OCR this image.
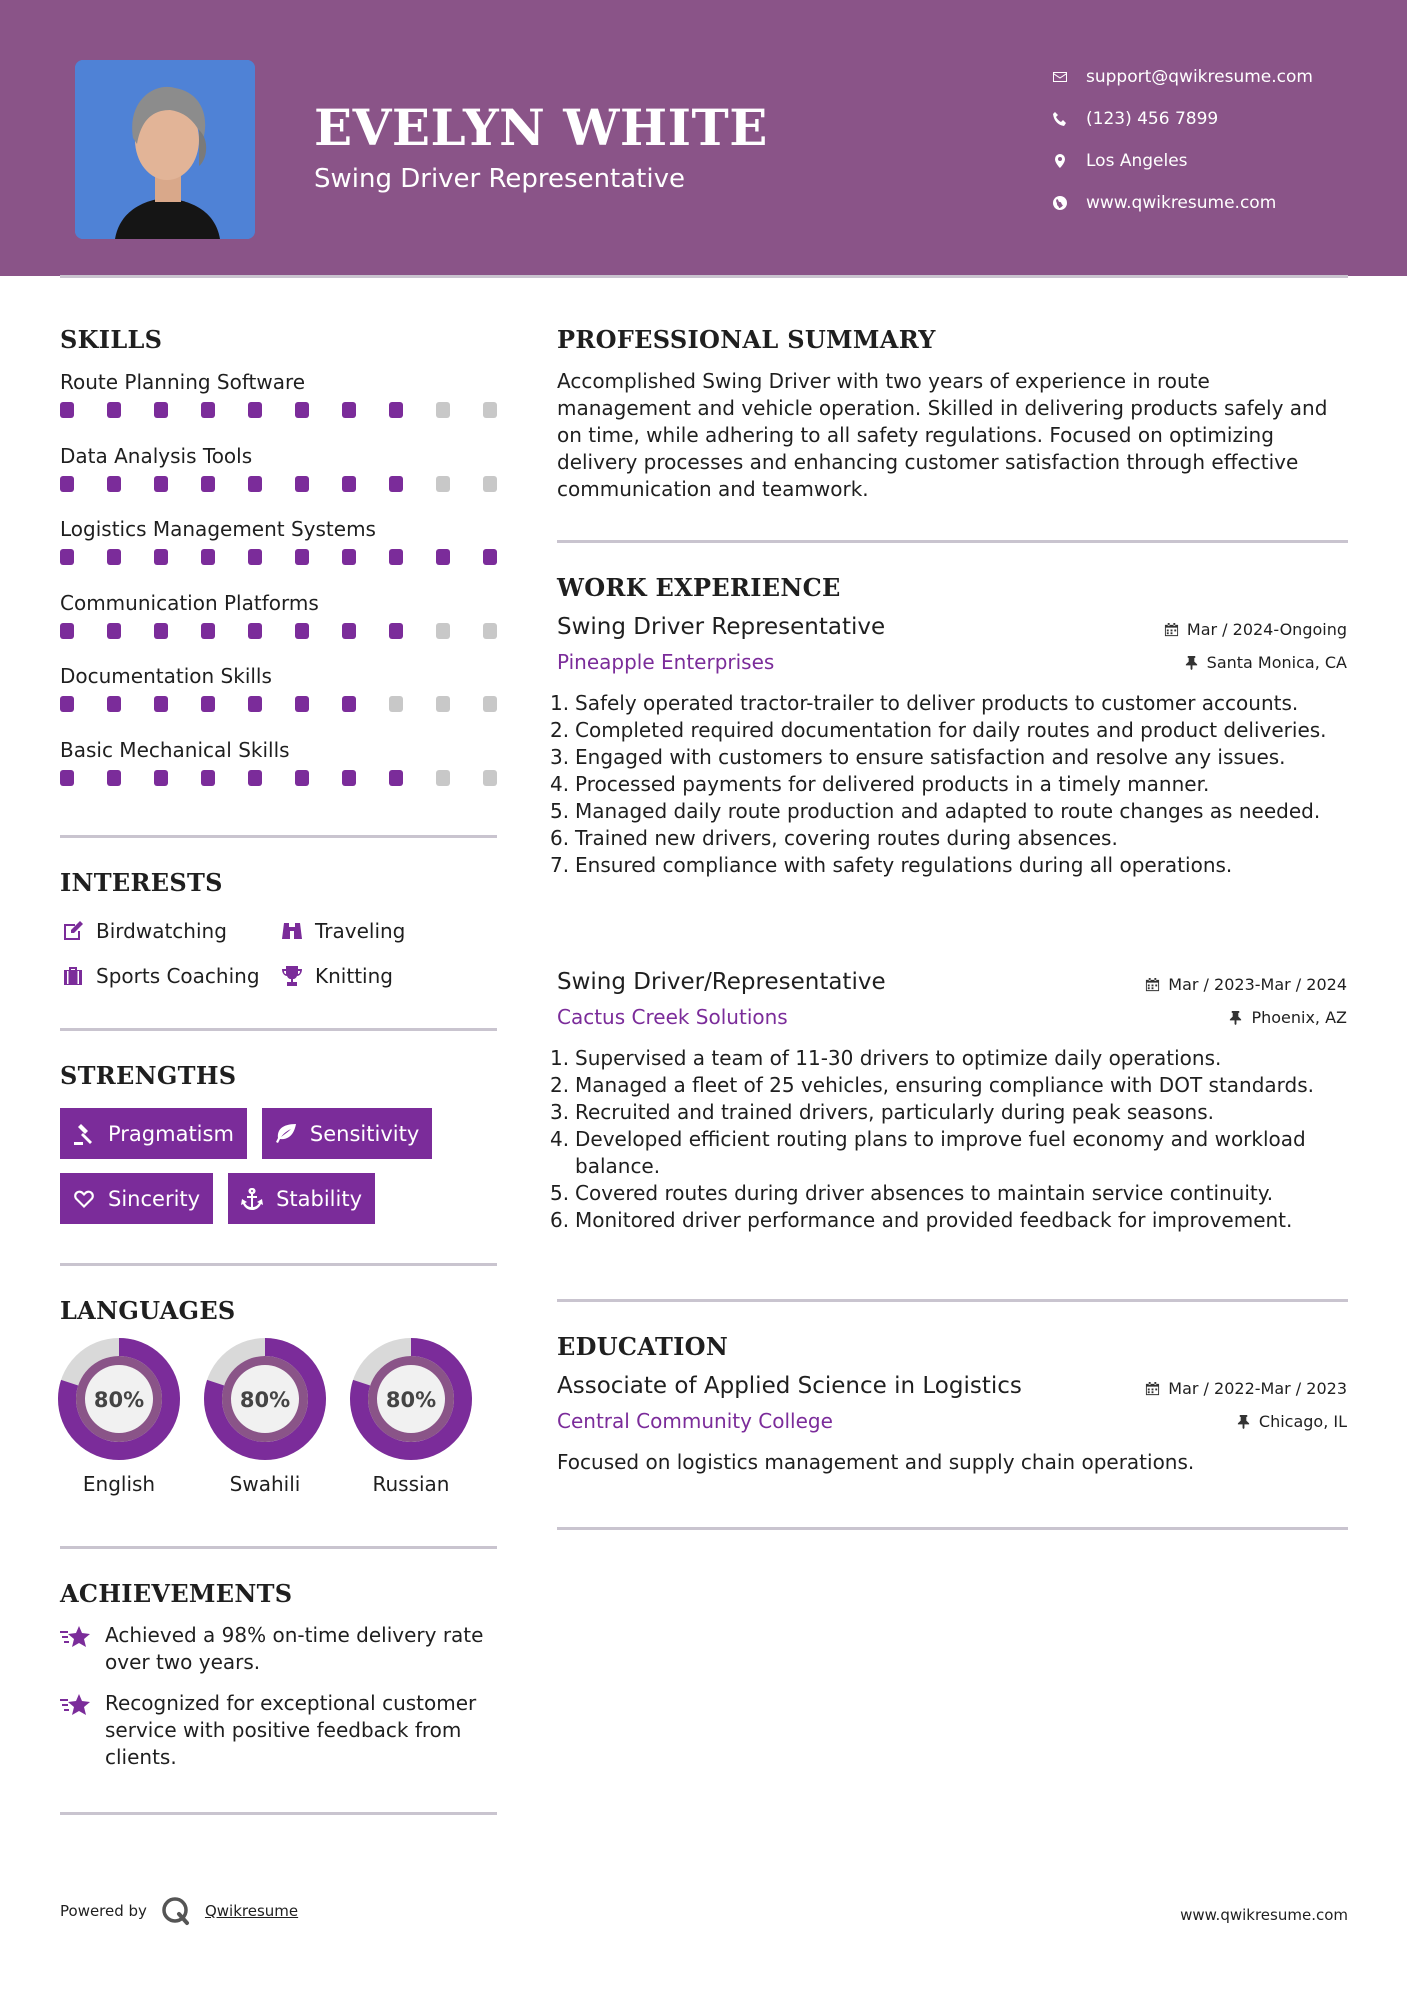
EVELYN WHITE
Swing Driver Representative
support@qwikresume.com
(123) 456 7899
Los Angeles
www.qwikresume.com
SKILLS
Route Planning Software
Data Analysis Tools
Logistics Management Systems
Communication Platforms
Documentation Skills
Basic Mechanical Skills
INTERESTS
Birdwatching	Traveling
Sports Coaching	Knitting
STRENGTHS
Pragmatism	Sensitivity
Sincerity	Stability
LANGUAGES
80%
English
80%
Swahili
80%
Russian
ACHIEVEMENTS
Achieved a 98% on-time delivery rate over two years.
Recognized for exceptional customer service with positive feedback from clients.
PROFESSIONAL SUMMARY
Accomplished Swing Driver with two years of experience in route management and vehicle operation. Skilled in delivering products safely and on time, while adhering to all safety regulations. Focused on optimizing delivery processes and enhancing customer satisfaction through effective communication and teamwork.
WORK EXPERIENCE
Swing Driver Representative	Mar / 2024-Ongoing
Pineapple Enterprises	Santa Monica, CA
1. Safely operated tractor-trailer to deliver products to customer accounts.
2. Completed required documentation for daily routes and product deliveries.
3. Engaged with customers to ensure satisfaction and resolve any issues.
4. Processed payments for delivered products in a timely manner.
5. Managed daily route production and adapted to route changes as needed.
6. Trained new drivers, covering routes during absences.
7. Ensured compliance with safety regulations during all operations.
Swing Driver/Representative	Mar / 2023-Mar / 2024
Cactus Creek Solutions	Phoenix, AZ
1. Supervised a team of 11-30 drivers to optimize daily operations.
2. Managed a fleet of 25 vehicles, ensuring compliance with DOT standards.
3. Recruited and trained drivers, particularly during peak seasons.
4. Developed efficient routing plans to improve fuel economy and workload balance.
5. Covered routes during driver absences to maintain service continuity.
6. Monitored driver performance and provided feedback for improvement.
EDUCATION
Associate of Applied Science in Logistics	Mar / 2022-Mar / 2023
Central Community College	Chicago, IL
Focused on logistics management and supply chain operations.
Powered by	Qwikresume	www.qwikresume.com
